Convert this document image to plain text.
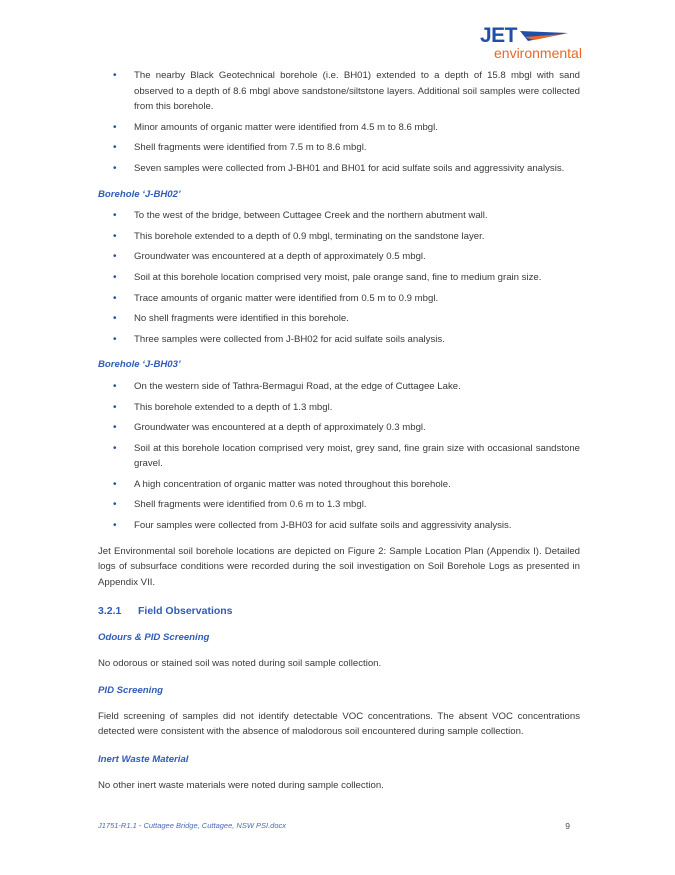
JET
environmental
• The nearby Black Geotechnical borehole (i.e. BH01) extended to a depth of 15.8 mbgl with sand observed to a depth of 8.6 mbgl above sandstone/siltstone layers. Additional soil samples were collected from this borehole.
• Minor amounts of organic matter were identified from 4.5 m to 8.6 mbgl.
• Shell fragments were identified from 7.5 m to 8.6 mbgl.
• Seven samples were collected from J-BH01 and BH01 for acid sulfate soils and aggressivity analysis.
Borehole ‘J-BH02’
• To the west of the bridge, between Cuttagee Creek and the northern abutment wall.
• This borehole extended to a depth of 0.9 mbgl, terminating on the sandstone layer.
• Groundwater was encountered at a depth of approximately 0.5 mbgl.
• Soil at this borehole location comprised very moist, pale orange sand, fine to medium grain size.
• Trace amounts of organic matter were identified from 0.5 m to 0.9 mbgl.
• No shell fragments were identified in this borehole.
• Three samples were collected from J-BH02 for acid sulfate soils analysis.
Borehole ‘J-BH03’
• On the western side of Tathra-Bermagui Road, at the edge of Cuttagee Lake.
• This borehole extended to a depth of 1.3 mbgl.
• Groundwater was encountered at a depth of approximately 0.3 mbgl.
• Soil at this borehole location comprised very moist, grey sand, fine grain size with occasional sandstone gravel.
• A high concentration of organic matter was noted throughout this borehole.
• Shell fragments were identified from 0.6 m to 1.3 mbgl.
• Four samples were collected from J-BH03 for acid sulfate soils and aggressivity analysis.

Jet Environmental soil borehole locations are depicted on Figure 2: Sample Location Plan (Appendix I). Detailed logs of subsurface conditions were recorded during the soil investigation on Soil Borehole Logs as presented in Appendix VII.

3.2.1 Field Observations
Odours & PID Screening

No odorous or stained soil was noted during soil sample collection.

PID Screening

Field screening of samples did not identify detectable VOC concentrations. The absent VOC concentrations detected were consistent with the absence of malodorous soil encountered during sample collection.

Inert Waste Material

No other inert waste materials were noted during sample collection.

J1751-R1.1 - Cuttagee Bridge, Cuttagee, NSW PSI.docx	9
